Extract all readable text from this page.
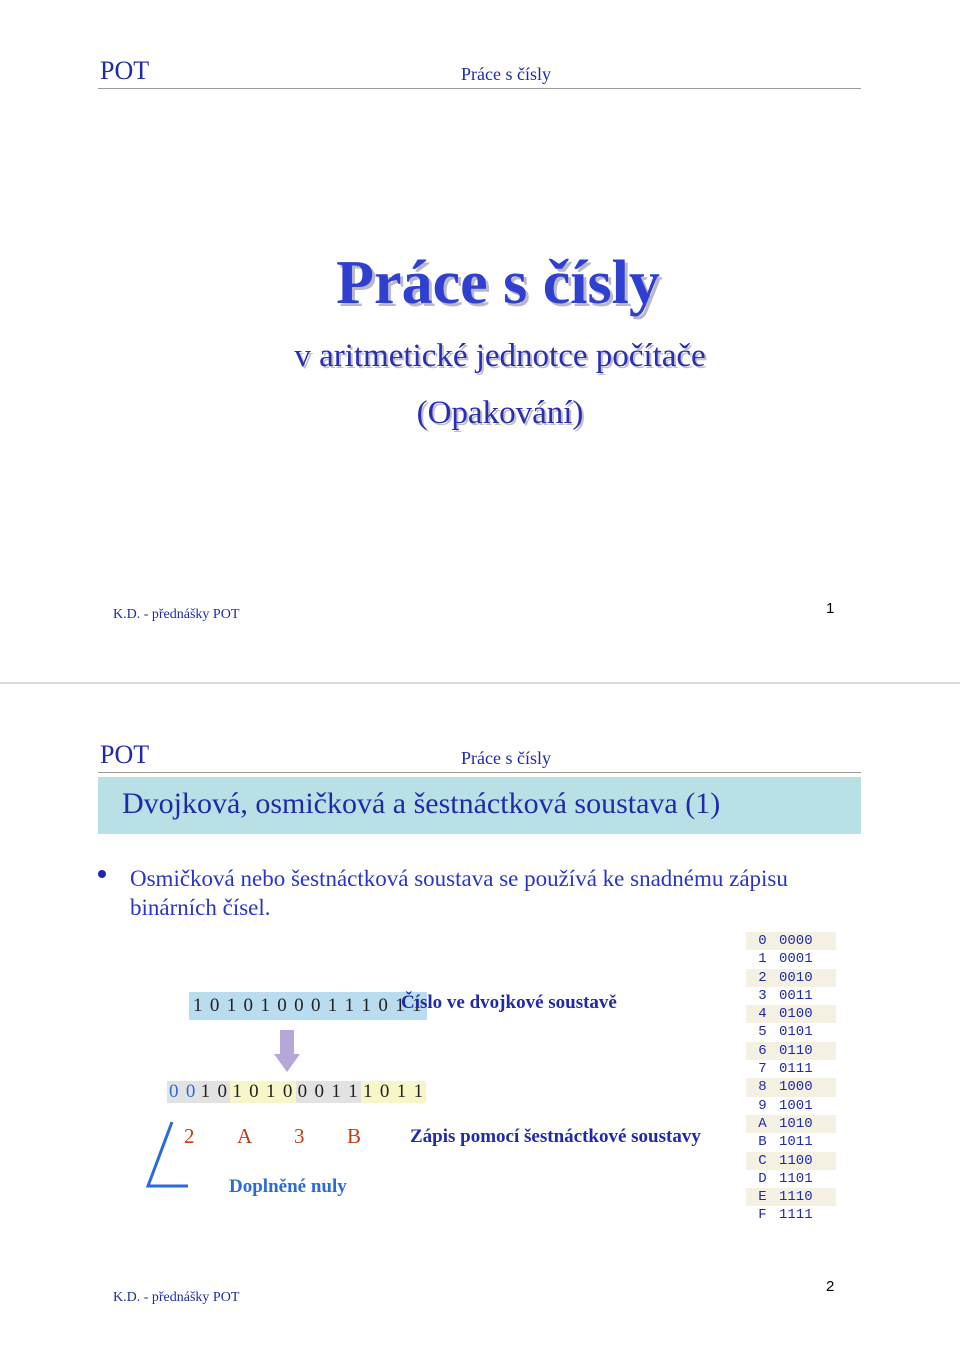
POT	Práce s čísly
Práce s čísly
v aritmetické jednotce počítače
(Opakování)
K.D. - přednášky POT	1
POT	Práce s čísly
Dvojková, osmičková a šestnáctková soustava (1)
Osmičková nebo šestnáctková soustava se používá ke snadnému zápisu binárních čísel.
1 0 1 0 1 0 0 0 1 1 1 0 1 1
Číslo ve dvojkové soustavě
0 0 1 0 1 0 1 0 0 0 1 1 1 0 1 1
2 A 3 B	Zápis pomocí šestnáctkové soustavy
Doplněné nuly
0 0000
1 0001
2 0010
3 0011
4 0100
5 0101
6 0110
7 0111
8 1000
9 1001
A 1010
B 1011
C 1100
D 1101
E 1110
F 1111
K.D. - přednášky POT
2
